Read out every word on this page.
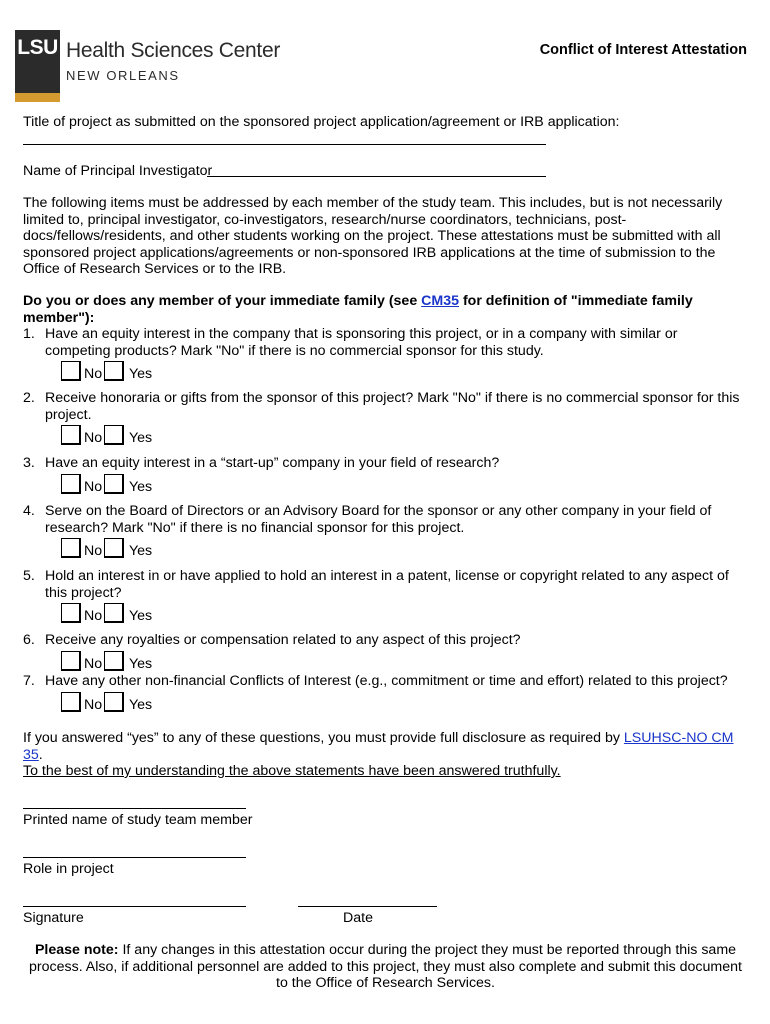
LSU Health Sciences Center
NEW ORLEANS
Conflict of Interest Attestation
Title of project as submitted on the sponsored project application/agreement or IRB application:
Name of Principal Investigator
The following items must be addressed by each member of the study team. This includes, but is not necessarily limited to, principal investigator, co-investigators, research/nurse coordinators, technicians, post-docs/fellows/residents, and other students working on the project. These attestations must be submitted with all sponsored project applications/agreements or non-sponsored IRB applications at the time of submission to the Office of Research Services or to the IRB.
Do you or does any member of your immediate family (see CM35 for definition of "immediate family member"):
1. Have an equity interest in the company that is sponsoring this project, or in a company with similar or competing products? Mark "No" if there is no commercial sponsor for this study.
No Yes
2. Receive honoraria or gifts from the sponsor of this project? Mark "No" if there is no commercial sponsor for this project.
No Yes
3. Have an equity interest in a “start-up” company in your field of research?
No Yes
4. Serve on the Board of Directors or an Advisory Board for the sponsor or any other company in your field of research? Mark "No" if there is no financial sponsor for this project.
No Yes
5. Hold an interest in or have applied to hold an interest in a patent, license or copyright related to any aspect of this project?
No Yes
6. Receive any royalties or compensation related to any aspect of this project?
No Yes
7. Have any other non-financial Conflicts of Interest (e.g., commitment or time and effort) related to this project?
No Yes
If you answered “yes” to any of these questions, you must provide full disclosure as required by LSUHSC-NO CM 35.
To the best of my understanding the above statements have been answered truthfully.
Printed name of study team member
Role in project
Signature	Date
Please note: If any changes in this attestation occur during the project they must be reported through this same process. Also, if additional personnel are added to this project, they must also complete and submit this document to the Office of Research Services.
